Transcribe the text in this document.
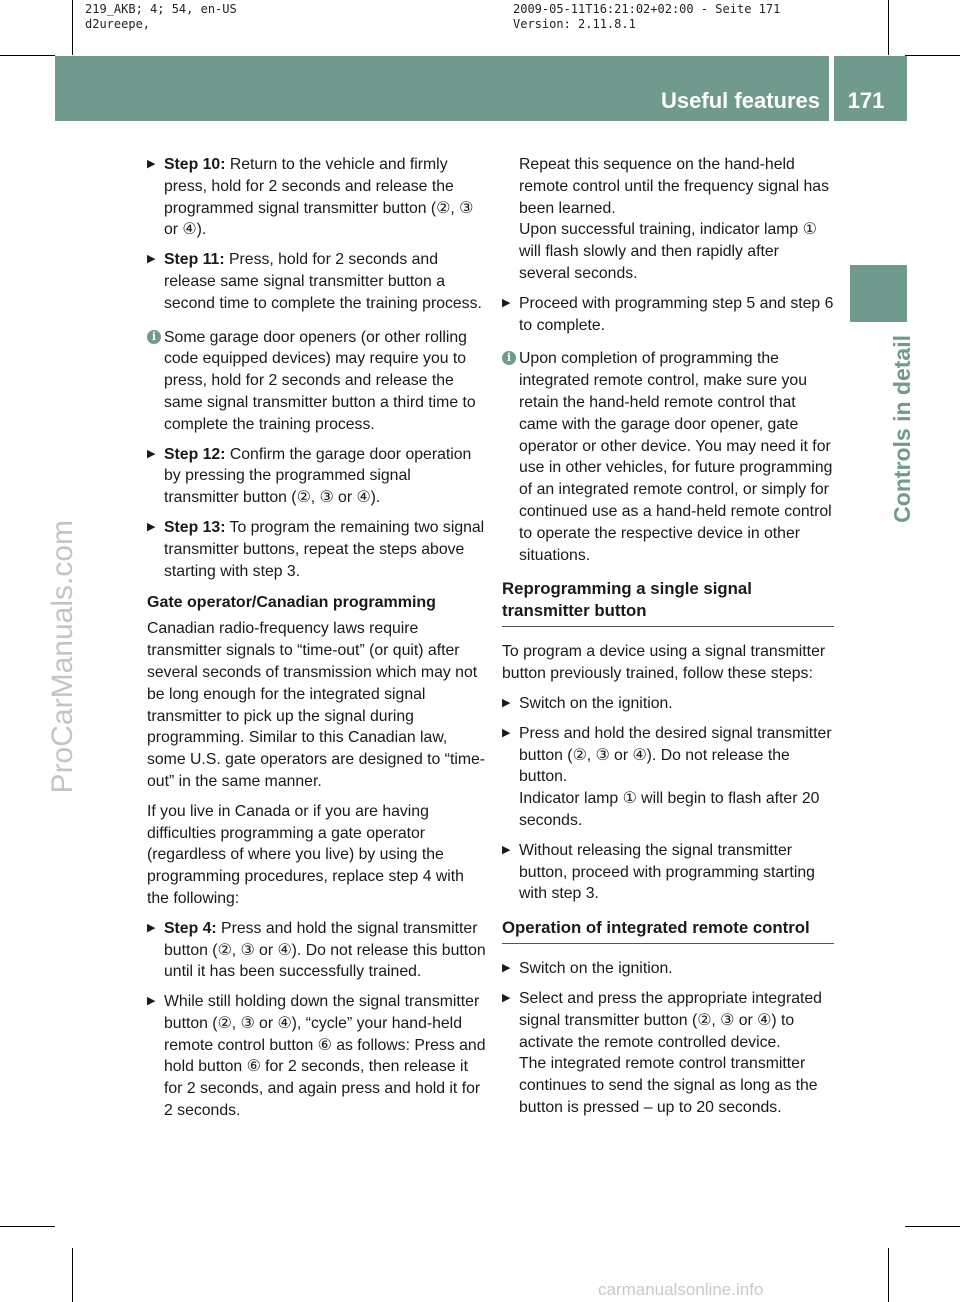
219_AKB; 4; 54, en-US
d2ureepe,
2009-05-11T16:21:02+02:00 - Seite 171
Version: 2.11.8.1
Useful features	171
Controls in detail
ProCarManuals.com
▶ Step 10: Return to the vehicle and firmly press, hold for 2 seconds and release the programmed signal transmitter button (②, ③ or ④).
▶ Step 11: Press, hold for 2 seconds and release same signal transmitter button a second time to complete the training process.
i Some garage door openers (or other rolling code equipped devices) may require you to press, hold for 2 seconds and release the same signal transmitter button a third time to complete the training process.
▶ Step 12: Confirm the garage door operation by pressing the programmed signal transmitter button (②, ③ or ④).
▶ Step 13: To program the remaining two signal transmitter buttons, repeat the steps above starting with step 3.
Gate operator/Canadian programming

Canadian radio-frequency laws require transmitter signals to “time-out” (or quit) after several seconds of transmission which may not be long enough for the integrated signal transmitter to pick up the signal during programming. Similar to this Canadian law, some U.S. gate operators are designed to “time-out” in the same manner.

If you live in Canada or if you are having difficulties programming a gate operator (regardless of where you live) by using the programming procedures, replace step 4 with the following:

▶ Step 4: Press and hold the signal transmitter button (②, ③ or ④). Do not release this button until it has been successfully trained.
▶ While still holding down the signal transmitter button (②, ③ or ④), “cycle” your hand-held remote control button ⑥ as follows: Press and hold button ⑥ for 2 seconds, then release it for 2 seconds, and again press and hold it for 2 seconds.
Repeat this sequence on the hand-held remote control until the frequency signal has been learned.
Upon successful training, indicator lamp ① will flash slowly and then rapidly after several seconds.
▶ Proceed with programming step 5 and step 6 to complete.
i Upon completion of programming the integrated remote control, make sure you retain the hand-held remote control that came with the garage door opener, gate operator or other device. You may need it for use in other vehicles, for future programming of an integrated remote control, or simply for continued use as a hand-held remote control to operate the respective device in other situations.
Reprogramming a single signal transmitter button

To program a device using a signal transmitter button previously trained, follow these steps:

▶ Switch on the ignition.
▶ Press and hold the desired signal transmitter button (②, ③ or ④). Do not release the button.
Indicator lamp ① will begin to flash after 20 seconds.
▶ Without releasing the signal transmitter button, proceed with programming starting with step 3.
Operation of integrated remote control
▶ Switch on the ignition.
▶ Select and press the appropriate integrated signal transmitter button (②, ③ or ④) to activate the remote controlled device.
The integrated remote control transmitter continues to send the signal as long as the button is pressed – up to 20 seconds.
carmanualsonline.info
